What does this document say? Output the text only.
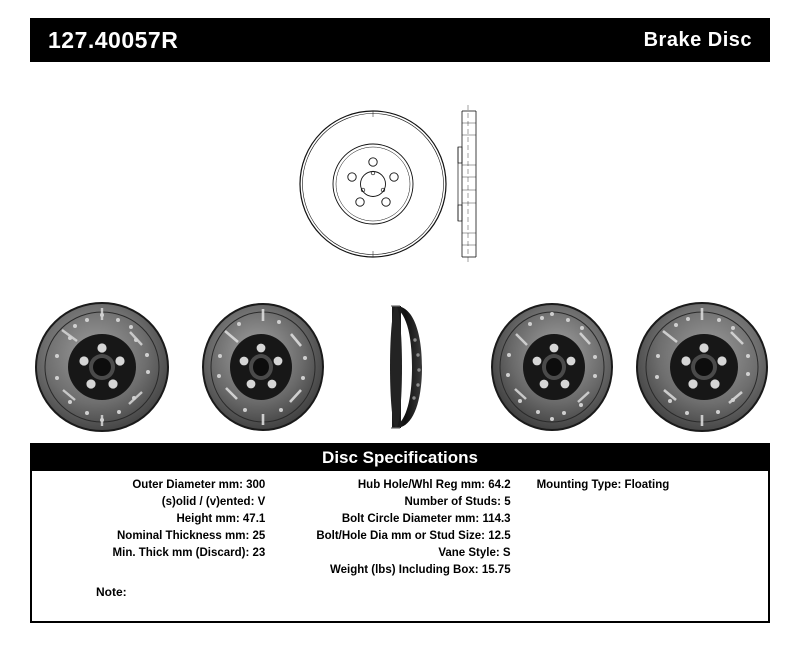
127.40057R	Brake Disc
Disc Specifications
Outer Diameter mm: 300
(s)olid / (v)ented: V
Height mm: 47.1
Nominal Thickness mm: 25
Min. Thick mm (Discard): 23
Hub Hole/Whl Reg mm: 64.2
Number of Studs: 5
Bolt Circle Diameter mm: 114.3
Bolt/Hole Dia mm or Stud Size: 12.5
Vane Style: S
Weight (lbs) Including Box: 15.75
Mounting Type: Floating
Note:
